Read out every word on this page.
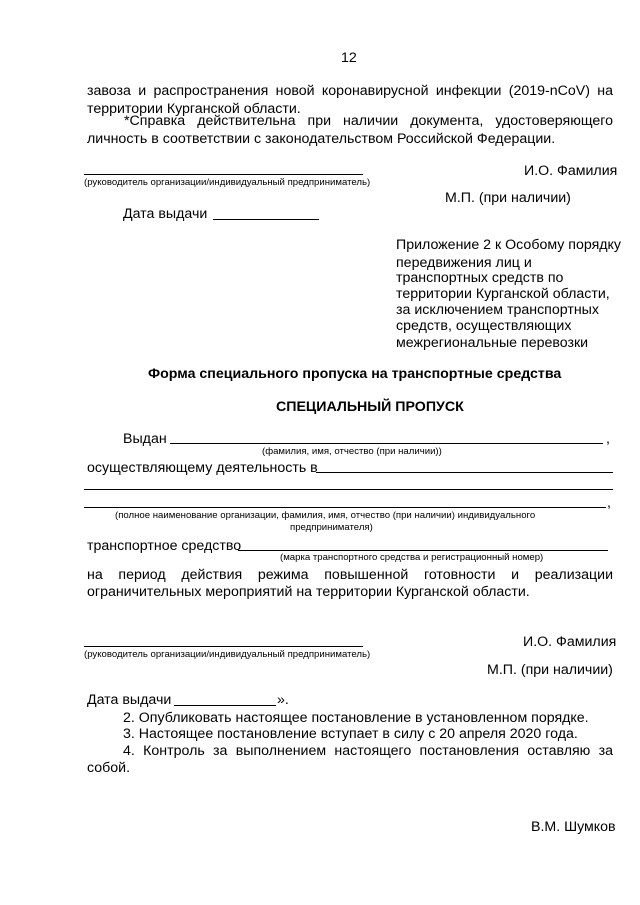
12
завоза и распространения новой коронавирусной инфекции (2019-nCoV) на
территории Курганской области.
*Справка действительна при наличии документа, удостоверяющего
личность в соответствии с законодательством Российской Федерации.
И.О. Фамилия
(руководитель организации/индивидуальный предприниматель)
М.П. (при наличии)
Дата выдачи
Приложение 2 к Особому порядку
передвижения лиц и
транспортных средств по
территории Курганской области,
за исключением транспортных
средств, осуществляющих
межрегиональные перевозки
Форма специального пропуска на транспортные средства
СПЕЦИАЛЬНЫЙ ПРОПУСК
Выдан	,
(фамилия, имя, отчество (при наличии))
осуществляющему деятельность в
,
(полное наименование организации, фамилия, имя, отчество (при наличии) индивидуального
предпринимателя)
транспортное средство
(марка транспортного средства и регистрационный номер)
на период действия режима повышенной готовности и реализации
ограничительных мероприятий на территории Курганской области.
И.О. Фамилия
(руководитель организации/индивидуальный предприниматель)
М.П. (при наличии)
Дата выдачи	».
2. Опубликовать настоящее постановление в установленном порядке.
3. Настоящее постановление вступает в силу с 20 апреля 2020 года.
4. Контроль за выполнением настоящего постановления оставляю за
собой.
В.М. Шумков
